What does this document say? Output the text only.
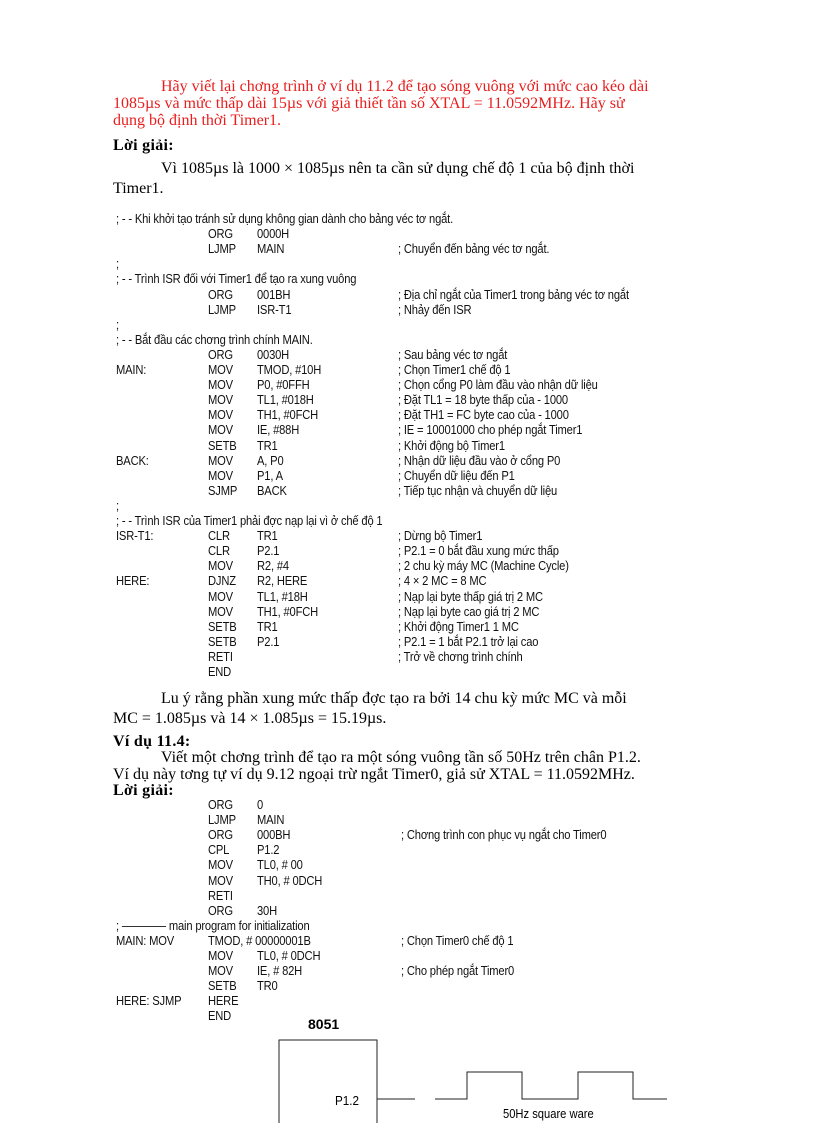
Hãy viết lại chơng trình ở ví dụ 11.2 để tạo sóng vuông với mức cao kéo dài
1085µs và mức thấp dài 15µs với giả thiết tần số XTAL = 11.0592MHz. Hãy sử
dụng bộ định thời Timer1.
Lời giải:
Vì 1085µs là 1000 × 1085µs nên ta cần sử dụng chế độ 1 của bộ định thời
Timer1.
; - - Khi khởi tạo tránh sử dụng không gian dành cho bảng véc tơ ngắt.
ORG 0000H
LJMP MAIN	; Chuyển đến bảng véc tơ ngắt.
;
; - - Trình ISR đối với Timer1 để tạo ra xung vuông
ORG 001BH	; Địa chỉ ngắt của Timer1 trong bảng véc tơ ngắt
LJMP ISR-T1	; Nhảy đến ISR
;
; - - Bắt đầu các chơng trình chính MAIN.
ORG 0030H	; Sau bảng véc tơ ngắt
MAIN:	MOV TMOD, #10H	; Chọn Timer1 chế độ 1
MOV P0, #0FFH	; Chọn cổng P0 làm đầu vào nhận dữ liệu
MOV TL1, #018H	; Đặt TL1 = 18 byte thấp của - 1000
MOV TH1, #0FCH	; Đặt TH1 = FC byte cao của - 1000
MOV IE, #88H	; IE = 10001000 cho phép ngắt Timer1
SETB TR1	; Khởi động bộ Timer1
BACK:	MOV A, P0	; Nhận dữ liệu đầu vào ở cổng P0
MOV P1, A	; Chuyển dữ liệu đến P1
SJMP BACK	; Tiếp tục nhận và chuyển dữ liệu
;
; - - Trình ISR của Timer1 phải đợc nạp lại vì ở chế độ 1
ISR-T1:	CLR TR1	; Dừng bộ Timer1
CLR P2.1	; P2.1 = 0 bắt đầu xung mức thấp
MOV R2, #4	; 2 chu kỳ máy MC (Machine Cycle)
HERE:	DJNZ R2, HERE	; 4 × 2 MC = 8 MC
MOV TL1, #18H	; Nạp lại byte thấp giá trị 2 MC
MOV TH1, #0FCH	; Nạp lại byte cao giá trị 2 MC
SETB TR1	; Khởi động Timer1 1 MC
SETB P2.1	; P2.1 = 1 bắt P2.1 trở lại cao
RETI	; Trở về chơng trình chính
END
Lu ý rằng phần xung mức thấp đợc tạo ra bởi 14 chu kỳ mức MC và mỗi
MC = 1.085µs và 14 × 1.085µs = 15.19µs.
Ví dụ 11.4:
Viết một chơng trình để tạo ra một sóng vuông tần số 50Hz trên chân P1.2.
Ví dụ này tơng tự ví dụ 9.12 ngoại trừ ngắt Timer0, giả sử XTAL = 11.0592MHz.
Lời giải:
ORG 0
LJMP MAIN
ORG 000BH	; Chơng trình con phục vụ ngắt cho Timer0
CPL P1.2
MOV TL0, # 00
MOV TH0, # 0DCH
RETI
ORG 30H
; ———— main program for initialization
MAIN: MOV	TMOD, # 00000001B	; Chọn Timer0 chế độ 1
MOV TL0, # 0DCH
MOV IE, # 82H	; Cho phép ngắt Timer0
SETB TR0
HERE: SJMP HERE
END
8051
P1.2
50Hz square ware
